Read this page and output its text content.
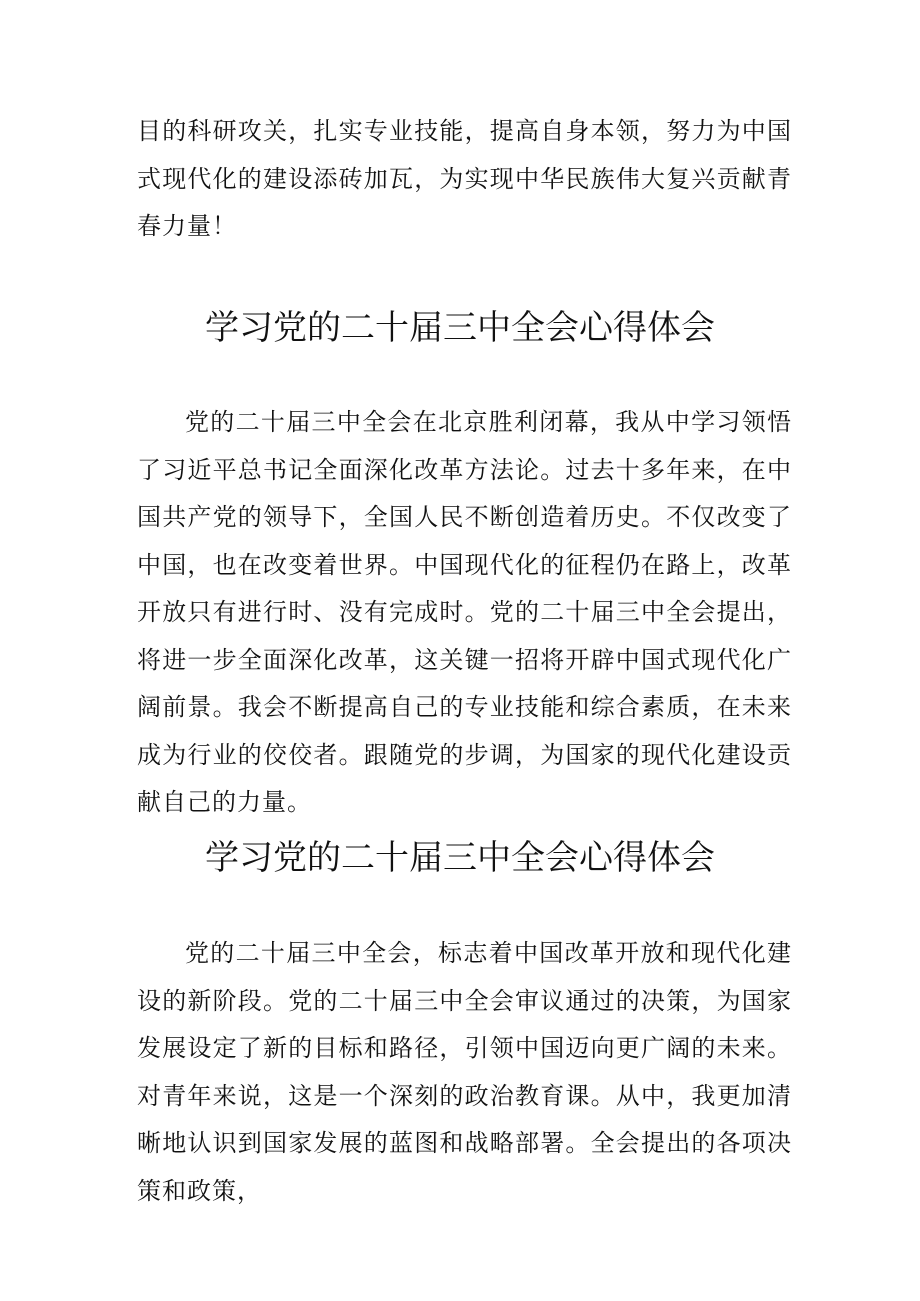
目的科研攻关，扎实专业技能，提高自身本领，努力为中国式现代化的建设添砖加瓦，为实现中华民族伟大复兴贡献青春力量！

学习党的二十届三中全会心得体会

党的二十届三中全会在北京胜利闭幕，我从中学习领悟了习近平总书记全面深化改革方法论。过去十多年来，在中国共产党的领导下，全国人民不断创造着历史。不仅改变了中国，也在改变着世界。中国现代化的征程仍在路上，改革开放只有进行时、没有完成时。党的二十届三中全会提出，将进一步全面深化改革，这关键一招将开辟中国式现代化广阔前景。我会不断提高自己的专业技能和综合素质，在未来成为行业的佼佼者。跟随党的步调，为国家的现代化建设贡献自己的力量。

学习党的二十届三中全会心得体会

党的二十届三中全会，标志着中国改革开放和现代化建设的新阶段。党的二十届三中全会审议通过的决策，为国家发展设定了新的目标和路径，引领中国迈向更广阔的未来。对青年来说，这是一个深刻的政治教育课。从中，我更加清晰地认识到国家发展的蓝图和战略部署。全会提出的各项决策和政策，
